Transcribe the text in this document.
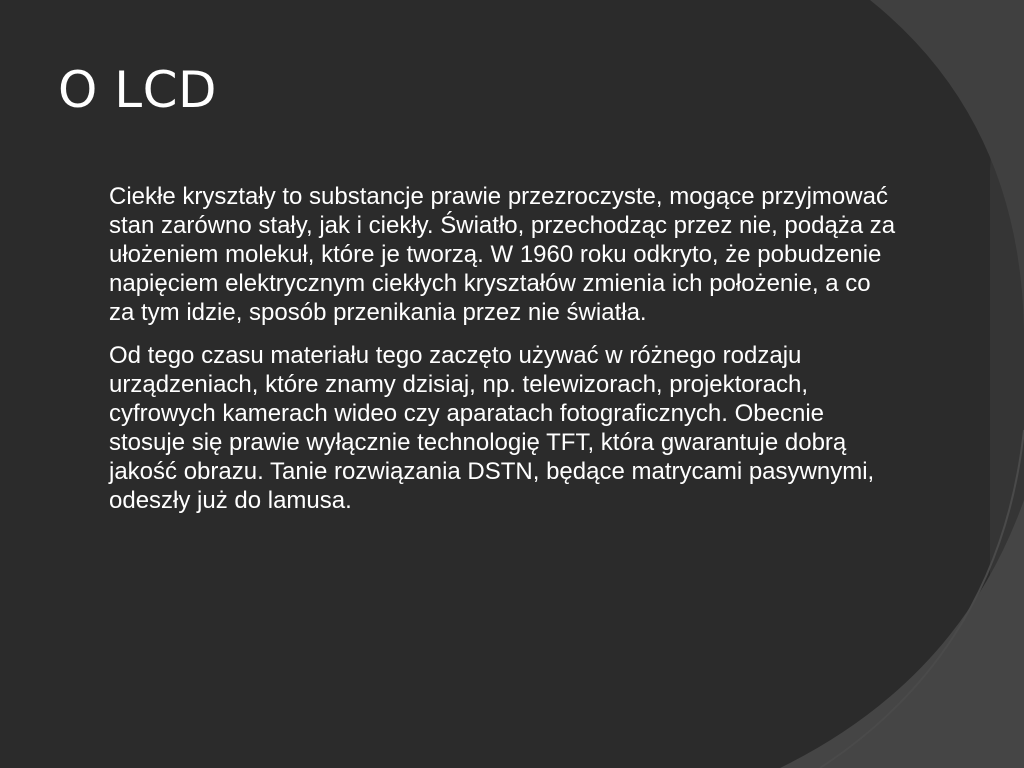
O LCD

Ciekłe kryształy to substancje prawie przezroczyste, mogące przyjmować stan zarówno stały, jak i ciekły. Światło, przechodząc przez nie, podąża za ułożeniem molekuł, które je tworzą. W 1960 roku odkryto, że pobudzenie napięciem elektrycznym ciekłych kryształów zmienia ich położenie, a co za tym idzie, sposób przenikania przez nie światła.

Od tego czasu materiału tego zaczęto używać w różnego rodzaju urządzeniach, które znamy dzisiaj, np. telewizorach, projektorach, cyfrowych kamerach wideo czy aparatach fotograficznych. Obecnie stosuje się prawie wyłącznie technologię TFT, która gwarantuje dobrą jakość obrazu. Tanie rozwiązania DSTN, będące matrycami pasywnymi, odeszły już do lamusa.
